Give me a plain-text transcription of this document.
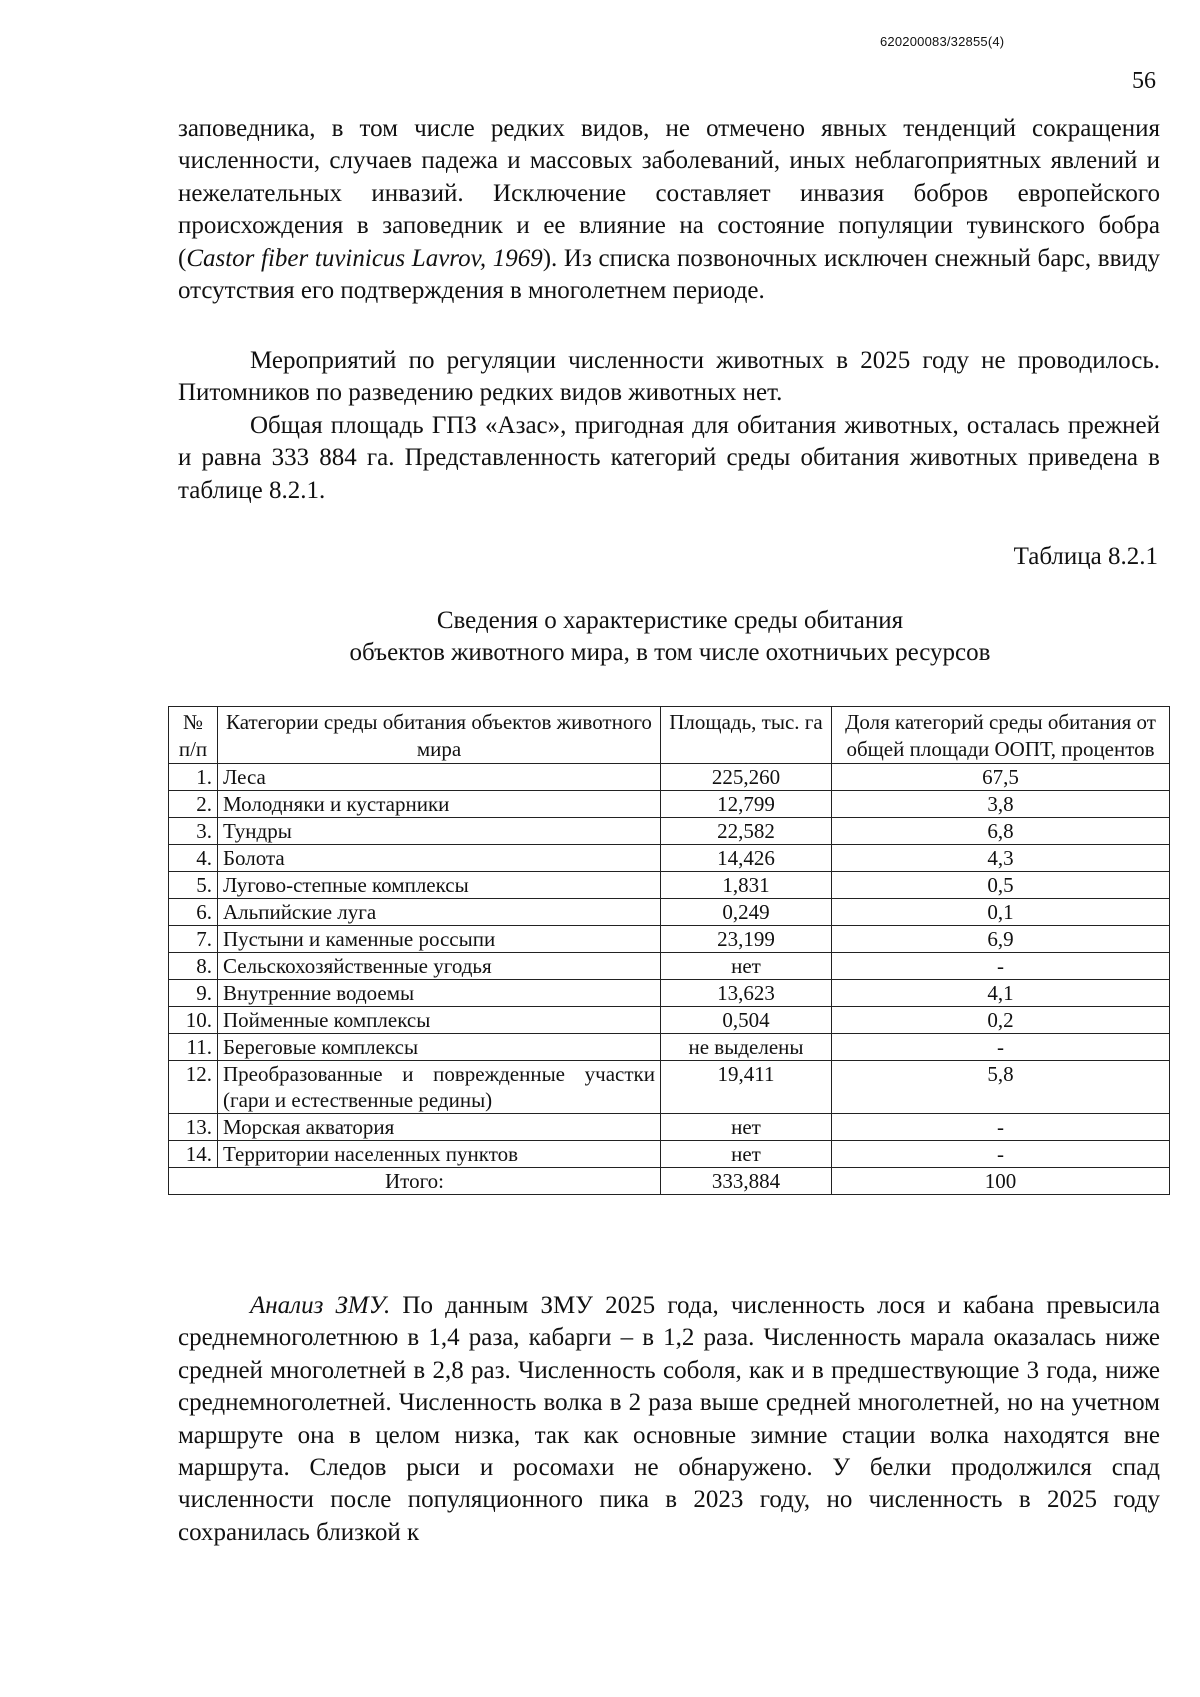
620200083/32855(4)
56

заповедника, в том числе редких видов, не отмечено явных тенденций сокращения численности, случаев падежа и массовых заболеваний, иных неблагоприятных явлений и нежелательных инвазий. Исключение составляет инвазия бобров европейского происхождения в заповедник и ее влияние на состояние популяции тувинского бобра (Castor fiber tuvinicus Lavrov, 1969). Из списка позвоночных исключен снежный барс, ввиду отсутствия его подтверждения в многолетнем периоде.

Мероприятий по регуляции численности животных в 2025 году не проводилось. Питомников по разведению редких видов животных нет.

Общая площадь ГПЗ «Азас», пригодная для обитания животных, осталась прежней и равна 333 884 га. Представленность категорий среды обитания животных приведена в таблице 8.2.1.

Таблица 8.2.1
Сведения о характеристике среды обитания
объектов животного мира, в том числе охотничьих ресурсов
№ п/п	Категории среды обитания объектов животного мира	Площадь, тыс. га	Доля категорий среды обитания от общей площади ООПТ, процентов
1.	Леса	225,260	67,5
2.	Молодняки и кустарники	12,799	3,8
3.	Тундры	22,582	6,8
4.	Болота	14,426	4,3
5.	Лугово-степные комплексы	1,831	0,5
6.	Альпийские луга	0,249	0,1
7.	Пустыни и каменные россыпи	23,199	6,9
8.	Сельскохозяйственные угодья	нет	-
9.	Внутренние водоемы	13,623	4,1
10.	Пойменные комплексы	0,504	0,2
11.	Береговые комплексы	не выделены	-
12.	Преобразованные и поврежденные участки (гари и естественные редины)	19,411	5,8
13.	Морская акватория	нет	-
14.	Территории населенных пунктов	нет	-
Итого:		333,884	100

Анализ ЗМУ. По данным ЗМУ 2025 года, численность лося и кабана превысила среднемноголетнюю в 1,4 раза, кабарги – в 1,2 раза. Численность марала оказалась ниже средней многолетней в 2,8 раз. Численность соболя, как и в предшествующие 3 года, ниже среднемноголетней. Численность волка в 2 раза выше средней многолетней, но на учетном маршруте она в целом низка, так как основные зимние стации волка находятся вне маршрута. Следов рыси и росомахи не обнаружено. У белки продолжился спад численности после популяционного пика в 2023 году, но численность в 2025 году сохранилась близкой к
